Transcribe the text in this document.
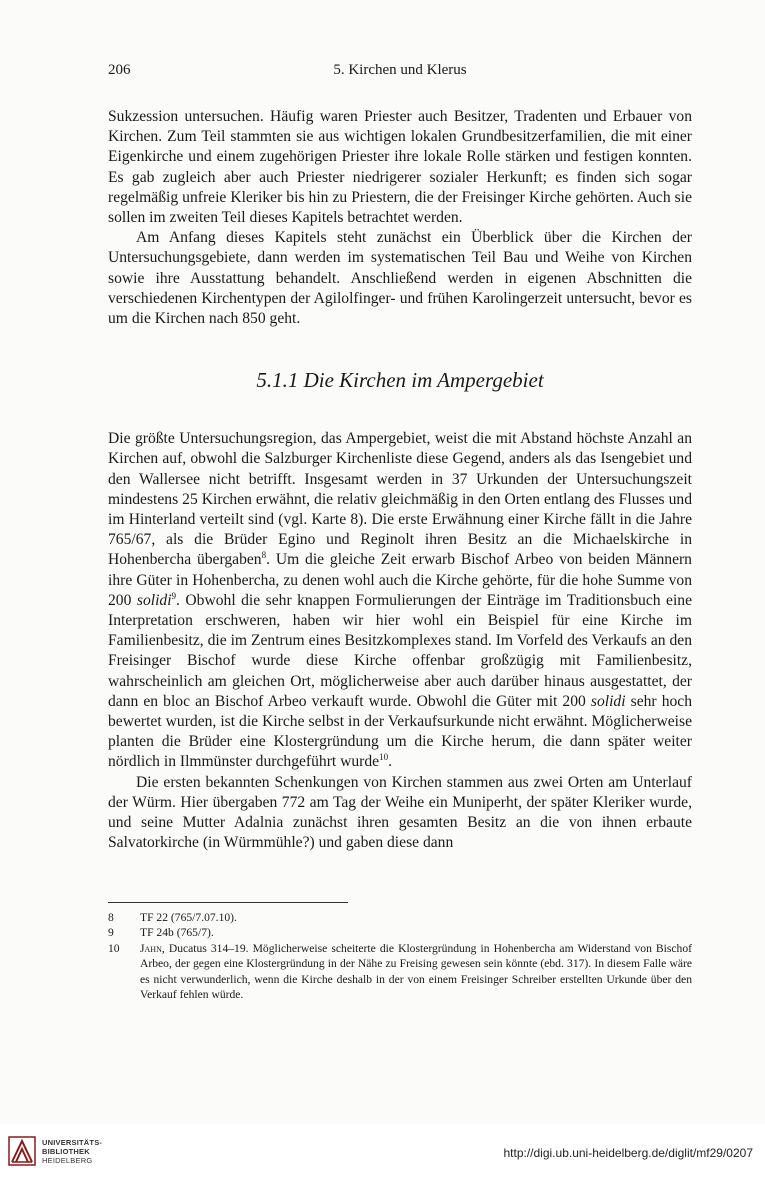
206	5. Kirchen und Klerus

Sukzession untersuchen. Häufig waren Priester auch Besitzer, Tradenten und Erbauer von Kirchen. Zum Teil stammten sie aus wichtigen lokalen Grundbesitzerfamilien, die mit einer Eigenkirche und einem zugehörigen Priester ihre lokale Rolle stärken und festigen konnten. Es gab zugleich aber auch Priester niedrigerer sozialer Herkunft; es finden sich sogar regelmäßig unfreie Kleriker bis hin zu Priestern, die der Freisinger Kirche gehörten. Auch sie sollen im zweiten Teil dieses Kapitels betrachtet werden.

Am Anfang dieses Kapitels steht zunächst ein Überblick über die Kirchen der Untersuchungsgebiete, dann werden im systematischen Teil Bau und Weihe von Kirchen sowie ihre Ausstattung behandelt. Anschließend werden in eigenen Abschnitten die verschiedenen Kirchentypen der Agilolfinger- und frühen Karolingerzeit untersucht, bevor es um die Kirchen nach 850 geht.

5.1.1 Die Kirchen im Ampergebiet

Die größte Untersuchungsregion, das Ampergebiet, weist die mit Abstand höchste Anzahl an Kirchen auf, obwohl die Salzburger Kirchenliste diese Gegend, anders als das Isengebiet und den Wallersee nicht betrifft. Insgesamt werden in 37 Urkunden der Untersuchungszeit mindestens 25 Kirchen erwähnt, die relativ gleichmäßig in den Orten entlang des Flusses und im Hinterland verteilt sind (vgl. Karte 8). Die erste Erwähnung einer Kirche fällt in die Jahre 765/67, als die Brüder Egino und Reginolt ihren Besitz an die Michaelskirche in Hohenbercha übergaben$^8$. Um die gleiche Zeit erwarb Bischof Arbeo von beiden Männern ihre Güter in Hohenbercha, zu denen wohl auch die Kirche gehörte, für die hohe Summe von 200 solidi$^9$. Obwohl die sehr knappen Formulierungen der Einträge im Traditionsbuch eine Interpretation erschweren, haben wir hier wohl ein Beispiel für eine Kirche im Familienbesitz, die im Zentrum eines Besitzkomplexes stand. Im Vorfeld des Verkaufs an den Freisinger Bischof wurde diese Kirche offenbar großzügig mit Familienbesitz, wahrscheinlich am gleichen Ort, möglicherweise aber auch darüber hinaus ausgestattet, der dann en bloc an Bischof Arbeo verkauft wurde. Obwohl die Güter mit 200 solidi sehr hoch bewertet wurden, ist die Kirche selbst in der Verkaufsurkunde nicht erwähnt. Möglicherweise planten die Brüder eine Klostergründung um die Kirche herum, die dann später weiter nördlich in Ilmmünster durchgeführt wurde$^{10}$.

Die ersten bekannten Schenkungen von Kirchen stammen aus zwei Orten am Unterlauf der Würm. Hier übergaben 772 am Tag der Weihe ein Muniperht, der später Kleriker wurde, und seine Mutter Adalnia zunächst ihren gesamten Besitz an die von ihnen erbaute Salvatorkirche (in Würmmühle?) und gaben diese dann

8	TF 22 (765/7.07.10).
9	TF 24b (765/7).
10	Jahn, Ducatus 314–19. Möglicherweise scheiterte die Klostergründung in Hohenbercha am Widerstand von Bischof Arbeo, der gegen eine Klostergründung in der Nähe zu Freising gewesen sein könnte (ebd. 317). In diesem Falle wäre es nicht verwunderlich, wenn die Kirche deshalb in der von einem Freisinger Schreiber erstellten Urkunde über den Verkauf fehlen würde.
UNIVERSITÄTS-
BIBLIOTHEK
HEIDELBERG	http://digi.ub.uni-heidelberg.de/diglit/mf29/0207
